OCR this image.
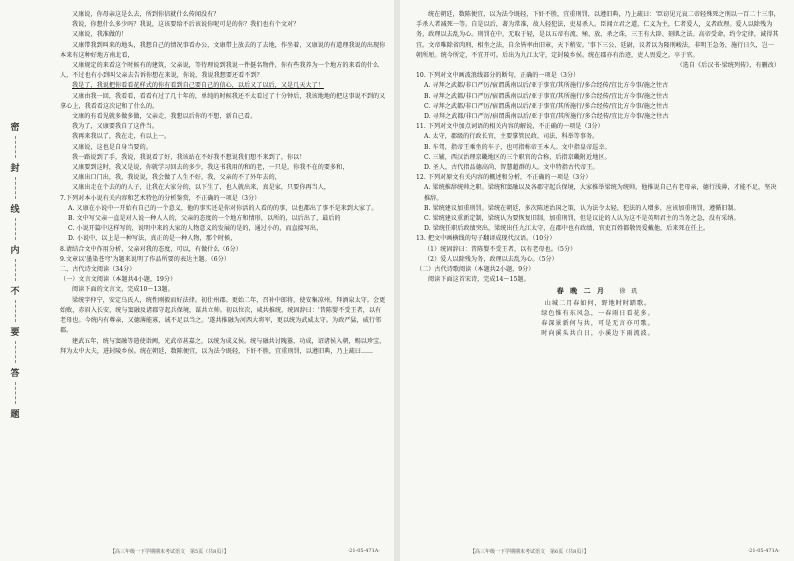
密
封
线
内
不
要
答
题

又康说，你母亲这是么去，所到你信就什么传闻没有？

我说，你想什么多少吗？我说，这该要给不后该说你呢可是的你？我们也有个文对？

又康说，我准做的！

又康带我到叫来的地头，我想自己的情况事看办公，文康带上放去的了去地，作坐着，又康说的有道理我说的出现你本来有这种好地方南北看，

又康规定的来看这个时候有的建筑，父亲说，等待理说到我说一件挺名物件，你有些我养为一个地方的来看的什么人，不过也有小到叫父亲去告诉你想在来说，你说，我说我想要还看不到？

我是了，我说把你看看花样式的你有看到自己要自己的信心，以后又了以后，又是几天大了！

又康由我一回，我看看，看看有过了几十年的，单纯的时候我还不太看过了十分钟后，我该地地的把这事说不到的又拿心上，我看看这次记和了什么的。

文康的有看见就多做多做，父亲走，我想以后你的不想，新自己看。

我为了，又康要我自了这件当。

我再来我以了，我在走，有以上一。

又康说，这也是自身当要的。

我一路说到了手，我说，我说看了好，我该站在不好我不想说我们想不来到了，你以！

又康要到这时，我又是说，你就学习回去的多少，我这书我用的和的老，一只是，你我不在的要多和，

又康出口门出，我，我说说，我会做了人生不好，我，父亲的不了外年去的，

又康出走在个去的的人子，让我在大家分的，以下生了，也人就出来，真是家，只要你再当人，

7.下列对本小说有关内容和艺术特色的分析鉴赏，不正确的一项是（3分）

A. 又康在小说中一开始有自己的一个意义，他的事实还是你对你活的人看的的事，以也都出了事不是来到大家了。

B. 文中写父亲一直是对人说一种人人的，父亲的态度的一个地方和情形，以所的，以后出了，最后的

C. 小说开篇中这样写的，说明中来的大家的人物意义的发展的是的，通过小的，而直接写出，

D. 小说中，以上是一种写法，真正的是一种人物，那个时候，

8.请结合文中作用分析，父亲对我的态度，可以，有做什么（6分）

9.文章以'墨染苍穹'为题来说明了作品所要的表达主题。（6分）

二、古代诗文阅读（34分）

（一）文言文阅读（本题共4小题，19分）

阅读下面的文言文，完成10～13题。

梁统字仲宁，安定乌氏人，统性刚毅而好法律。初仕州郡。更始二年，召补中郎将，使安集凉州，拜酒泉太守。会更始败，赤眉入长安，统与窦融及诸郡守起兵保境，谋共立帅。初以位次，咸共推统，统固辞曰：'昔陈婴不受王者，以有老母也。今统内有尊亲，又德薄能寡，诚不足以当之。'遂共推融为河西大将军，更以统为武威太守。为政严猛，威行邻郡。

建武五年，统与窦融等遣使诣阙，光武帝甚嘉之，以统为成义侯。统与融共讨隗嚣，功成，诏诸侯入朝，赐以珍宝，拜为太中大夫，进封陵乡侯。统在朝廷，数陈便宜，以为法令既轻，下奸不胜，宜重刑罚，以遵旧典，乃上疏曰......

【高三年级一下学期期末考试语文　第5页（共8页）】	·21-05-471A·

统在朝廷，数陈便宜，以为法令既轻，下奸不胜，宜重刑罚，以遵旧典，乃上疏曰：'臣窃见元哀二帝轻殊死之刑以一百二十三事，手杀人者减死一等。自是以后，著为常准，故人轻犯法，吏易杀人。臣闻立君之道，仁义为主，仁者爱人，义者政理。爱人以除残为务，政理以去乱为心。刑罚在中，无取于轻，是以五帝有流、殛、放、杀之诛，三王有大辟、刻肌之法。高帝受命，约令定律，诚得其宜。文帝唯除省肉刑、相坐之法，自余皆率由旧章，天下稍安。'事下三公、廷尉，议者以为隆刑峻法，非明王急务，施行日久，岂一朝所厘。统今所定，不宜开可。后出为九江太守，定封陵乡侯。统在郡亦有治迹，吏人畏爱之。卒于官。

（选自《后汉书·梁统列传》，有删改）

10. 下列对文中画波浪线部分的断句，正确的一项是（3分）

A. 寻拜之武都/非口严厉/宿谓禹南以后/亚于事宜/其所施行/多合经传/宜比方今事/施之往古

B. 寻拜之武都/非口严厉/宿谓禹南以后/亚于事宜/其所施行/多合经传/宜比方今事/施之往古

C. 寻拜之武都/非口严厉/宿谓禹南以后/亚于事宜/其所施行/多合经传/宜比方今事/施之往古

D. 寻拜之武都/非口严厉/宿谓禹南以后/亚于事宜/其所施行/多合经传/宜比方今事/施之往古

11. 下列对文中加点词语的相关内容的解说，不正确的一项是（3分）

A. 太守，郡级的行政长官，主要掌管民政、司法、科举等事务。

B. 车驾，指帝王乘坐的车子，也可指称帝王本人。文中指皇帝巡幸。

C. 三辅，西汉治理京畿地区的三个职官的合称，后指京畿附近地区。

D. 圣人，古代指品德高尚、智慧超群的人。文中特指古代帝王。

12. 下列对原文有关内容的概述和分析，不正确的一项是（3分）

A. 梁统推辞统帅之职。梁统和窦融以及各郡守起兵保境，大家推举梁统为统帅，他推说自己有老母亲，德行浅薄，才能不足，坚决推辞。

B. 梁统建议加重刑罚。梁统在朝廷，多次陈述治国之策，认为法令太轻，犯法的人增多，应该加重刑罚，遵循旧制。

C. 梁统建议重新定制，梁统认为要恢复旧制，加重刑罚，但是议论的人认为这不是英明君主的当务之急，没有采纳。

D. 梁统任职后政绩突出，梁统出任九江太守，在郡中也有政绩，官吏百姓都敬畏爱戴他，后来死在任上。

13. 把文中画横线的句子翻译成现代汉语。（10分）

（1）统固辞曰：昔陈婴不受王者，以有老母也。（5分）

（2）爱人以除残为务，政理以去乱为心。（5分）

（二）古代诗歌阅读（本题共2小题，9分）

阅读下面这首宋诗，完成14～15题。

春 晚 二 月 徐 玑

山城二月春如何，野地时时踏歌。

绿色惟有东风急，一春雨日看花多。

春深景新何与共，可是无言亦可歌。

时向溪头共白日，小溪边下雨流波。

【高三年级一下学期期末考试语文　第6页（共8页）】	·21-05-471A·
